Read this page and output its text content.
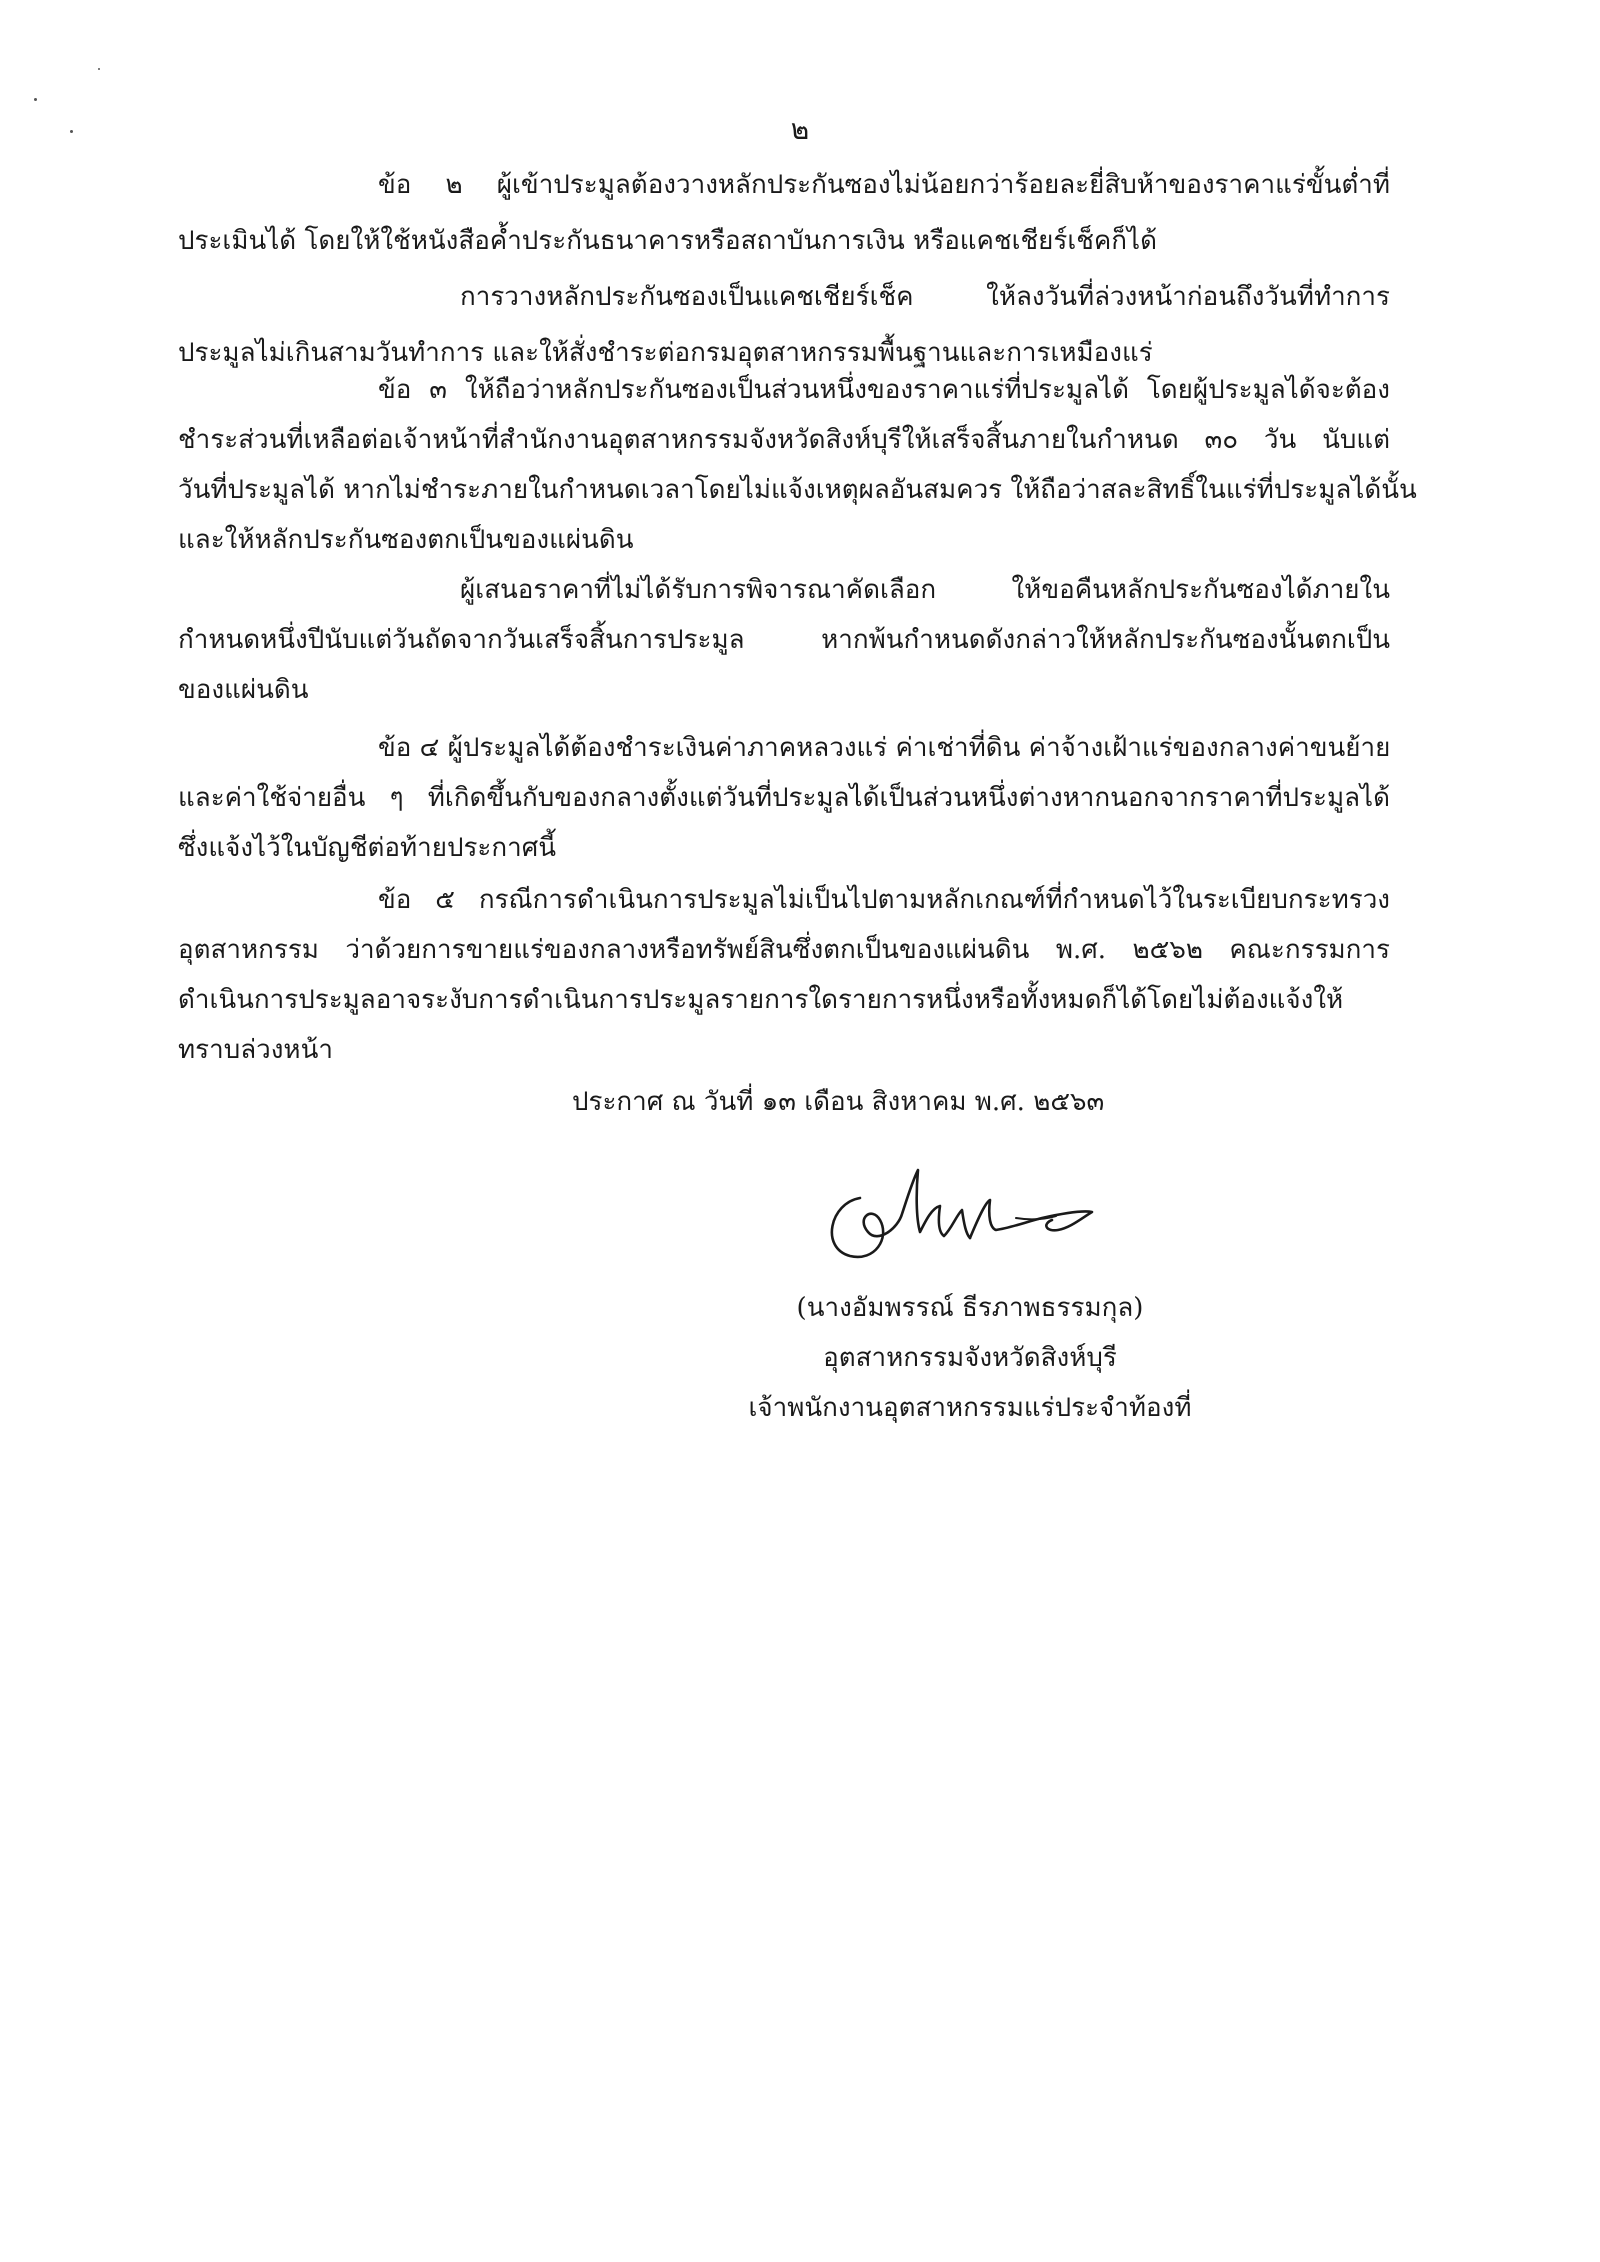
๒
ข้อ ๒ ผู้เข้าประมูลต้องวางหลักประกันซองไม่น้อยกว่าร้อยละยี่สิบห้าของราคาแร่ขั้นต่ำที่
ประเมินได้ โดยให้ใช้หนังสือค้ำประกันธนาคารหรือสถาบันการเงิน หรือแคชเชียร์เช็คก็ได้
การวางหลักประกันซองเป็นแคชเชียร์เช็ค ให้ลงวันที่ล่วงหน้าก่อนถึงวันที่ทำการ
ประมูลไม่เกินสามวันทำการ และให้สั่งชำระต่อกรมอุตสาหกรรมพื้นฐานและการเหมืองแร่
ข้อ ๓ ให้ถือว่าหลักประกันซองเป็นส่วนหนึ่งของราคาแร่ที่ประมูลได้ โดยผู้ประมูลได้จะต้อง
ชำระส่วนที่เหลือต่อเจ้าหน้าที่สำนักงานอุตสาหกรรมจังหวัดสิงห์บุรีให้เสร็จสิ้นภายในกำหนด ๓๐ วัน นับแต่
วันที่ประมูลได้ หากไม่ชำระภายในกำหนดเวลาโดยไม่แจ้งเหตุผลอันสมควร ให้ถือว่าสละสิทธิ์ในแร่ที่ประมูลได้นั้น
และให้หลักประกันซองตกเป็นของแผ่นดิน
ผู้เสนอราคาที่ไม่ได้รับการพิจารณาคัดเลือก ให้ขอคืนหลักประกันซองได้ภายใน
กำหนดหนึ่งปีนับแต่วันถัดจากวันเสร็จสิ้นการประมูล หากพ้นกำหนดดังกล่าวให้หลักประกันซองนั้นตกเป็น
ของแผ่นดิน
ข้อ ๔ ผู้ประมูลได้ต้องชำระเงินค่าภาคหลวงแร่ ค่าเช่าที่ดิน ค่าจ้างเฝ้าแร่ของกลางค่าขนย้าย
และค่าใช้จ่ายอื่น ๆ ที่เกิดขึ้นกับของกลางตั้งแต่วันที่ประมูลได้เป็นส่วนหนึ่งต่างหากนอกจากราคาที่ประมูลได้
ซึ่งแจ้งไว้ในบัญชีต่อท้ายประกาศนี้
ข้อ ๕ กรณีการดำเนินการประมูลไม่เป็นไปตามหลักเกณฑ์ที่กำหนดไว้ในระเบียบกระทรวง
อุตสาหกรรม ว่าด้วยการขายแร่ของกลางหรือทรัพย์สินซึ่งตกเป็นของแผ่นดิน พ.ศ. ๒๕๖๒ คณะกรรมการ
ดำเนินการประมูลอาจระงับการดำเนินการประมูลรายการใดรายการหนึ่งหรือทั้งหมดก็ได้โดยไม่ต้องแจ้งให้
ทราบล่วงหน้า
ประกาศ ณ วันที่ ๑๓ เดือน สิงหาคม พ.ศ. ๒๕๖๓
(นางอัมพรรณ์ ธีรภาพธรรมกุล)
อุตสาหกรรมจังหวัดสิงห์บุรี
เจ้าพนักงานอุตสาหกรรมแร่ประจำท้องที่
